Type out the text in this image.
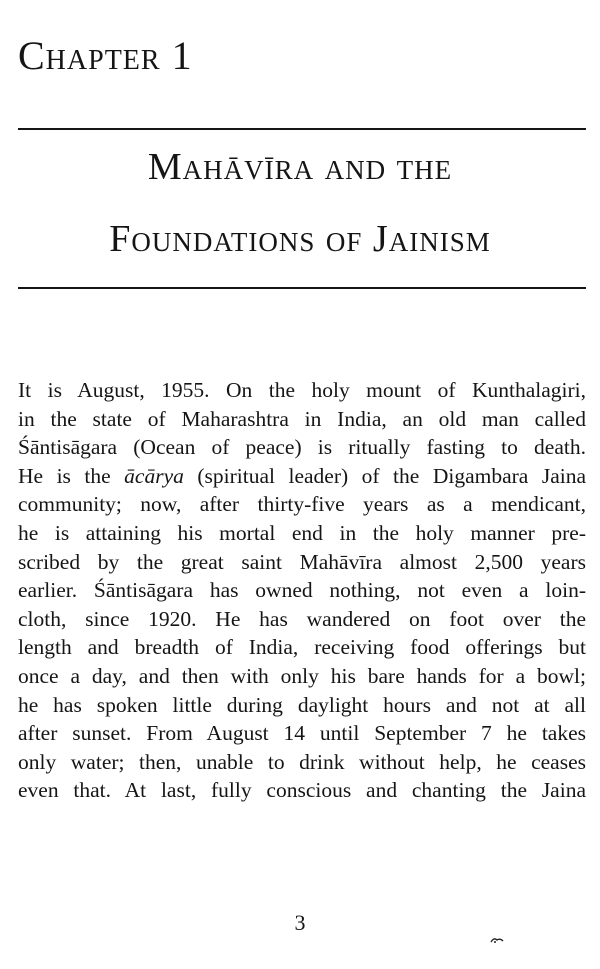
Chapter 1
Mahāvīra and the
Foundations of Jainism
It is August, 1955. On the holy mount of Kunthalagiri,
in the state of Maharashtra in India, an old man called
Śāntisāgara (Ocean of peace) is ritually fasting to death.
He is the ācārya (spiritual leader) of the Digambara Jaina
community; now, after thirty-five years as a mendicant,
he is attaining his mortal end in the holy manner pre-
scribed by the great saint Mahāvīra almost 2,500 years
earlier. Śāntisāgara has owned nothing, not even a loin-
cloth, since 1920. He has wandered on foot over the
length and breadth of India, receiving food offerings but
once a day, and then with only his bare hands for a bowl;
he has spoken little during daylight hours and not at all
after sunset. From August 14 until September 7 he takes
only water; then, unable to drink without help, he ceases
even that. At last, fully conscious and chanting the Jaina
3
